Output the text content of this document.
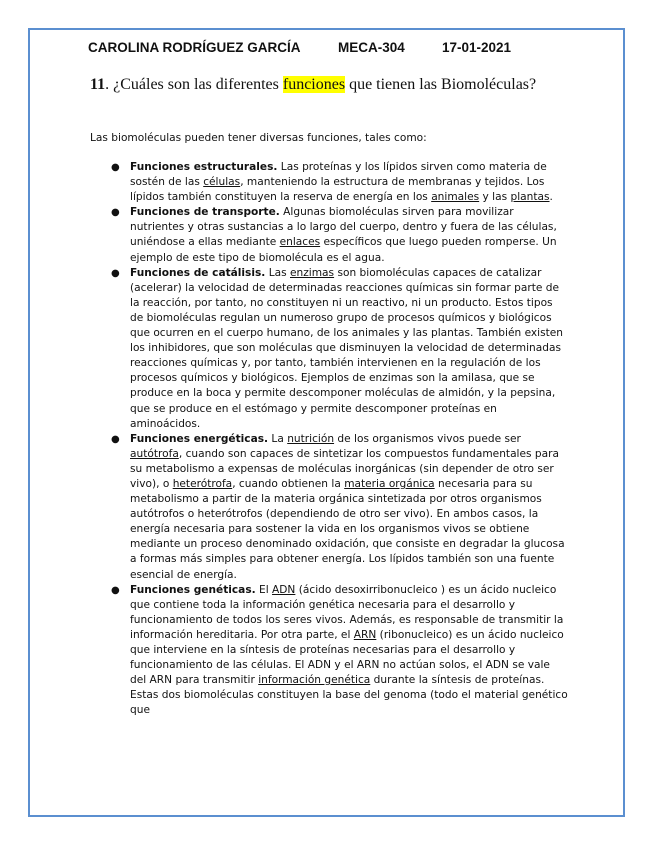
CAROLINA RODRÍGUEZ GARCÍA	MECA-304	17-01-2021
11. ¿Cuáles son las diferentes funciones que tienen las Biomoléculas?
Las biomoléculas pueden tener diversas funciones, tales como:
● Funciones estructurales. Las proteínas y los lípidos sirven como materia de sostén de las células, manteniendo la estructura de membranas y tejidos. Los lípidos también constituyen la reserva de energía en los animales y las plantas.
● Funciones de transporte. Algunas biomoléculas sirven para movilizar nutrientes y otras sustancias a lo largo del cuerpo, dentro y fuera de las células, uniéndose a ellas mediante enlaces específicos que luego pueden romperse. Un ejemplo de este tipo de biomolécula es el agua.
● Funciones de catálisis. Las enzimas son biomoléculas capaces de catalizar (acelerar) la velocidad de determinadas reacciones químicas sin formar parte de la reacción, por tanto, no constituyen ni un reactivo, ni un producto. Estos tipos de biomoléculas regulan un numeroso grupo de procesos químicos y biológicos que ocurren en el cuerpo humano, de los animales y las plantas. También existen los inhibidores, que son moléculas que disminuyen la velocidad de determinadas reacciones químicas y, por tanto, también intervienen en la regulación de los procesos químicos y biológicos. Ejemplos de enzimas son la amilasa, que se produce en la boca y permite descomponer moléculas de almidón, y la pepsina, que se produce en el estómago y permite descomponer proteínas en aminoácidos.
● Funciones energéticas. La nutrición de los organismos vivos puede ser autótrofa, cuando son capaces de sintetizar los compuestos fundamentales para su metabolismo a expensas de moléculas inorgánicas (sin depender de otro ser vivo), o heterótrofa, cuando obtienen la materia orgánica necesaria para su metabolismo a partir de la materia orgánica sintetizada por otros organismos autótrofos o heterótrofos (dependiendo de otro ser vivo). En ambos casos, la energía necesaria para sostener la vida en los organismos vivos se obtiene mediante un proceso denominado oxidación, que consiste en degradar la glucosa a formas más simples para obtener energía. Los lípidos también son una fuente esencial de energía.
● Funciones genéticas. El ADN (ácido desoxirribonucleico ) es un ácido nucleico que contiene toda la información genética necesaria para el desarrollo y funcionamiento de todos los seres vivos. Además, es responsable de transmitir la información hereditaria. Por otra parte, el ARN (ribonucleico) es un ácido nucleico que interviene en la síntesis de proteínas necesarias para el desarrollo y funcionamiento de las células. El ADN y el ARN no actúan solos, el ADN se vale del ARN para transmitir información genética durante la síntesis de proteínas. Estas dos biomoléculas constituyen la base del genoma (todo el material genético que
